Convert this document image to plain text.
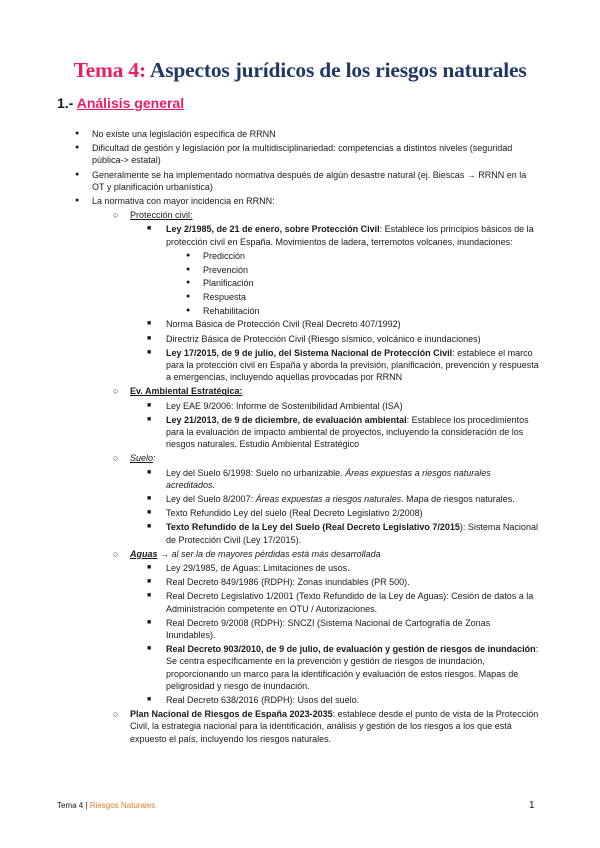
Tema 4: Aspectos jurídicos de los riesgos naturales
1.- Análisis general
● No existe una legislación específica de RRNN
● Dificultad de gestión y legislación por la multidisciplinariedad: competencias a distintos niveles (seguridad pública-> estatal)
● Generalmente se ha implementado normativa después de algún desastre natural (ej. Biescas → RRNN en la OT y planificación urbanística)
● La normativa con mayor incidencia en RRNN:
○ Protección civil:
■ Ley 2/1985, de 21 de enero, sobre Protección Civil: Establece los principios básicos de la protección civil en España. Movimientos de ladera, terremotos volcanes, inundaciones:
● Predicción
● Prevención
● Planificación
● Respuesta
● Rehabilitación
■ Norma Básica de Protección Civil (Real Decreto 407/1992)
■ Directriz Básica de Protección Civil (Riesgo sísmico, volcánico e inundaciones)
■ Ley 17/2015, de 9 de julio, del Sistema Nacional de Protección Civil: establece el marco para la protección civil en España y aborda la previsión, planificación, prevención y respuesta a emergencias, incluyendo aquellas provocadas por RRNN
○ Ev. Ambiental Estratégica:
■ Ley EAE 9/2006: Informe de Sostenibilidad Ambiental (ISA)
■ Ley 21/2013, de 9 de diciembre, de evaluación ambiental: Establece los procedimientos para la evaluación de impacto ambiental de proyectos, incluyendo la consideración de los riesgos naturales. Estudio Ambiental Estratégico
○ Suelo:
■ Ley del Suelo 6/1998: Suelo no urbanizable. Áreas expuestas a riesgos naturales acreditados.
■ Ley del Suelo 8/2007: Áreas expuestas a riesgos naturales. Mapa de riesgos naturales.
■ Texto Refundido Ley del suelo (Real Decreto Legislativo 2/2008)
■ Texto Refundido de la Ley del Suelo (Real Decreto Legislativo 7/2015): Sistema Nacional de Protección Civil (Ley 17/2015).
○ Aguas → al ser la de mayores pérdidas está más desarrollada
■ Ley 29/1985, de Aguas: Limitaciones de usos.
■ Real Decreto 849/1986 (RDPH): Zonas inundables (PR 500).
■ Real Decreto Legislativo 1/2001 (Texto Refundido de la Ley de Aguas): Cesión de datos a la Administración competente en OTU / Autorizaciones.
■ Real Decreto 9/2008 (RDPH): SNCZI (Sistema Nacional de Cartografía de Zonas Inundables).
■ Real Decreto 903/2010, de 9 de julio, de evaluación y gestión de riesgos de inundación: Se centra específicamente en la prevención y gestión de riesgos de inundación, proporcionando un marco para la identificación y evaluación de estos riesgos. Mapas de peligrosidad y riesgo de inundación.
■ Real Decreto 638/2016 (RDPH): Usos del suelo.
○ Plan Nacional de Riesgos de España 2023-2035: establece desde el punto de vista de la Protección Civil, la estrategia nacional para la identificación, análisis y gestión de los riesgos a los que está expuesto el país, incluyendo los riesgos naturales.
Tema 4 | Riesgos Naturales	1
